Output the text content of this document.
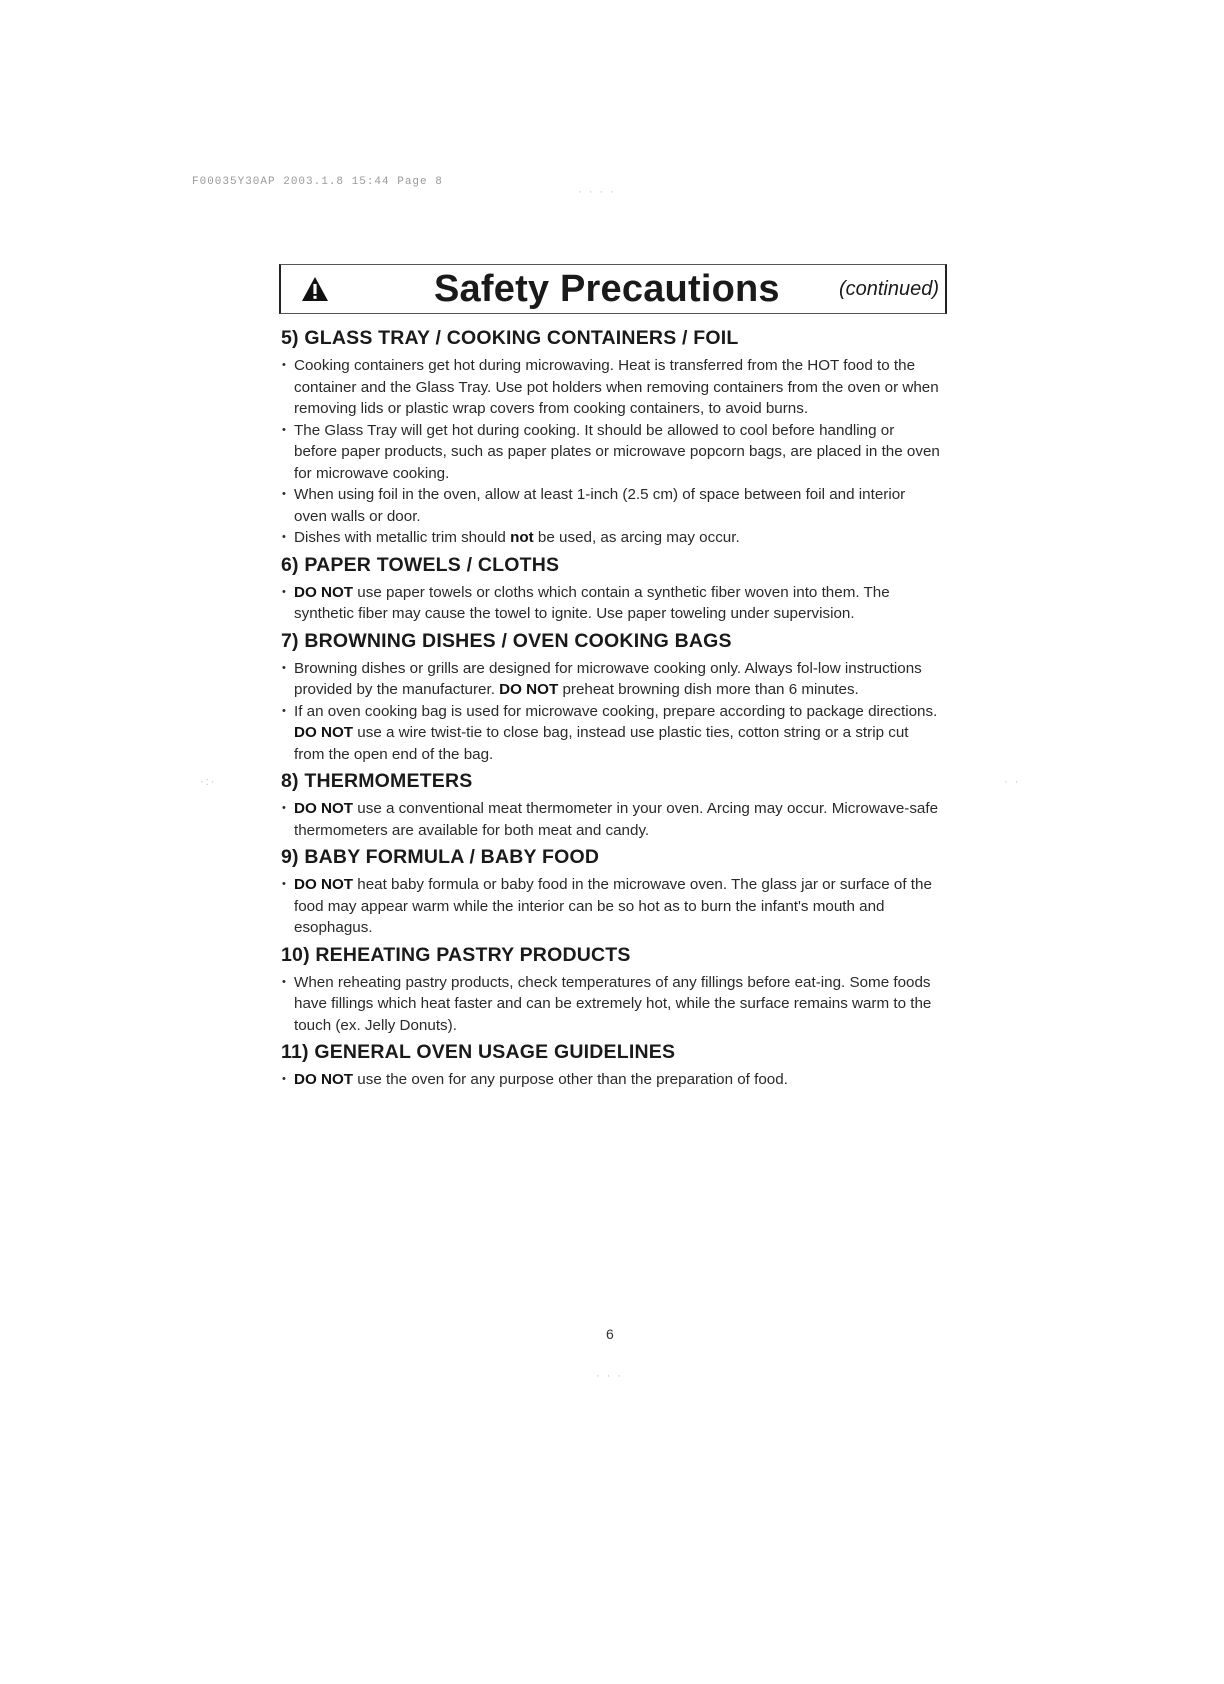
F00035Y30AP 2003.1.8 15:44 Page 8
· · · ·
·:·	· ·
· · ·
Safety Precautions	(continued)
5) GLASS TRAY / COOKING CONTAINERS / FOIL
• Cooking containers get hot during microwaving. Heat is transferred from the HOT food to the container and the Glass Tray. Use pot holders when removing containers from the oven or when removing lids or plastic wrap covers from cooking containers, to avoid burns.
• The Glass Tray will get hot during cooking. It should be allowed to cool before handling or before paper products, such as paper plates or microwave popcorn bags, are placed in the oven for microwave cooking.
• When using foil in the oven, allow at least 1-inch (2.5 cm) of space between foil and interior oven walls or door.
• Dishes with metallic trim should not be used, as arcing may occur.
6) PAPER TOWELS / CLOTHS
• DO NOT use paper towels or cloths which contain a synthetic fiber woven into them. The synthetic fiber may cause the towel to ignite. Use paper toweling under supervision.
7) BROWNING DISHES / OVEN COOKING BAGS
• Browning dishes or grills are designed for microwave cooking only. Always fol-low instructions provided by the manufacturer. DO NOT preheat browning dish more than 6 minutes.
• If an oven cooking bag is used for microwave cooking, prepare according to package directions. DO NOT use a wire twist-tie to close bag, instead use plastic ties, cotton string or a strip cut from the open end of the bag.
8) THERMOMETERS
• DO NOT use a conventional meat thermometer in your oven. Arcing may occur. Microwave-safe thermometers are available for both meat and candy.
9) BABY FORMULA / BABY FOOD
• DO NOT heat baby formula or baby food in the microwave oven. The glass jar or surface of the food may appear warm while the interior can be so hot as to burn the infant's mouth and esophagus.
10) REHEATING PASTRY PRODUCTS
• When reheating pastry products, check temperatures of any fillings before eat-ing. Some foods have fillings which heat faster and can be extremely hot, while the surface remains warm to the touch (ex. Jelly Donuts).
11) GENERAL OVEN USAGE GUIDELINES
• DO NOT use the oven for any purpose other than the preparation of food.
6
